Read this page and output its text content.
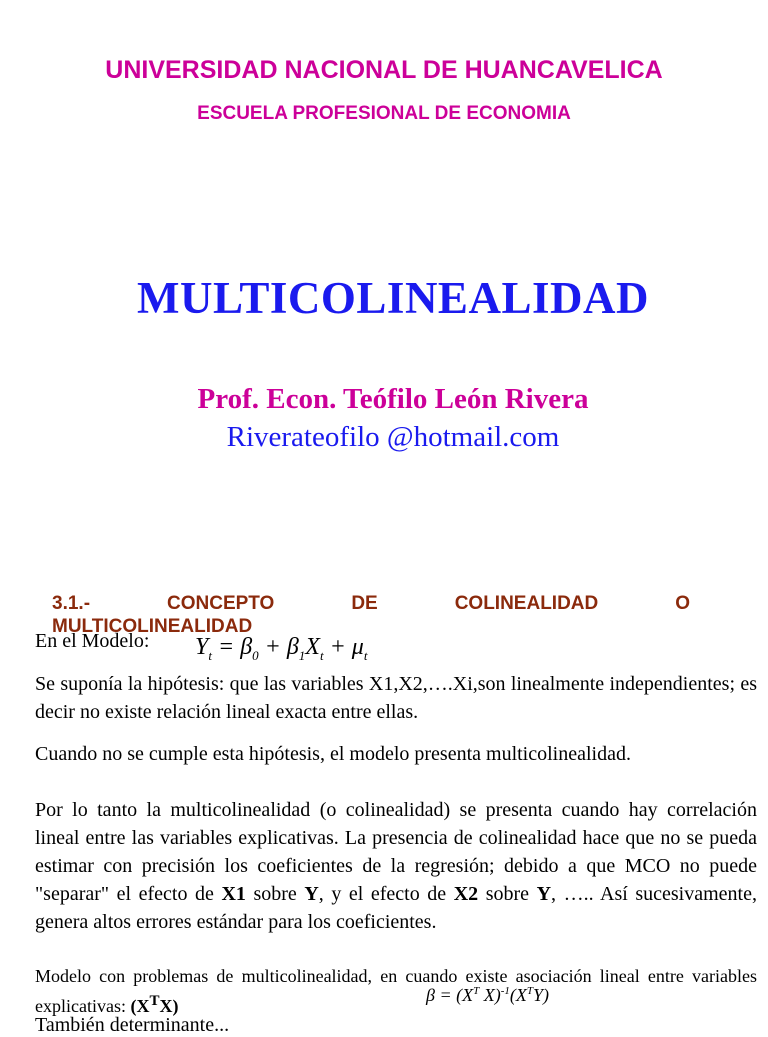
UNIVERSIDAD NACIONAL DE HUANCAVELICA
ESCUELA PROFESIONAL DE ECONOMIA
MULTICOLINEALIDAD
Prof. Econ. Teófilo León Rivera
Riverateofilo @hotmail.com
3.1.-	CONCEPTO	DE	COLINEALIDAD	O
MULTICOLINEALIDAD
En el Modelo: $Y_t = \beta_0 + \beta_1X_t + \mu_t$
Se suponía la hipótesis: que las variables X1,X2,….Xi,son linealmente independientes; es decir no existe relación lineal exacta entre ellas.
Cuando no se cumple esta hipótesis, el modelo presenta multicolinealidad.
Por lo tanto la multicolinealidad (o colinealidad) se presenta cuando hay correlación lineal entre las variables explicativas. La presencia de colinealidad hace que no se pueda estimar con precisión los coeficientes de la regresión; debido a que MCO no puede "separar" el efecto de X1 sobre Y, y el efecto de X2 sobre Y, ….. Así sucesivamente, genera altos errores estándar para los coeficientes.
Modelo con problemas de multicolinealidad, en cuando existe asociación lineal entre variables explicativas: $(X^TX)$
$\beta = (X^T$ $X)^{-1}(X^TY)$
También determinante...
